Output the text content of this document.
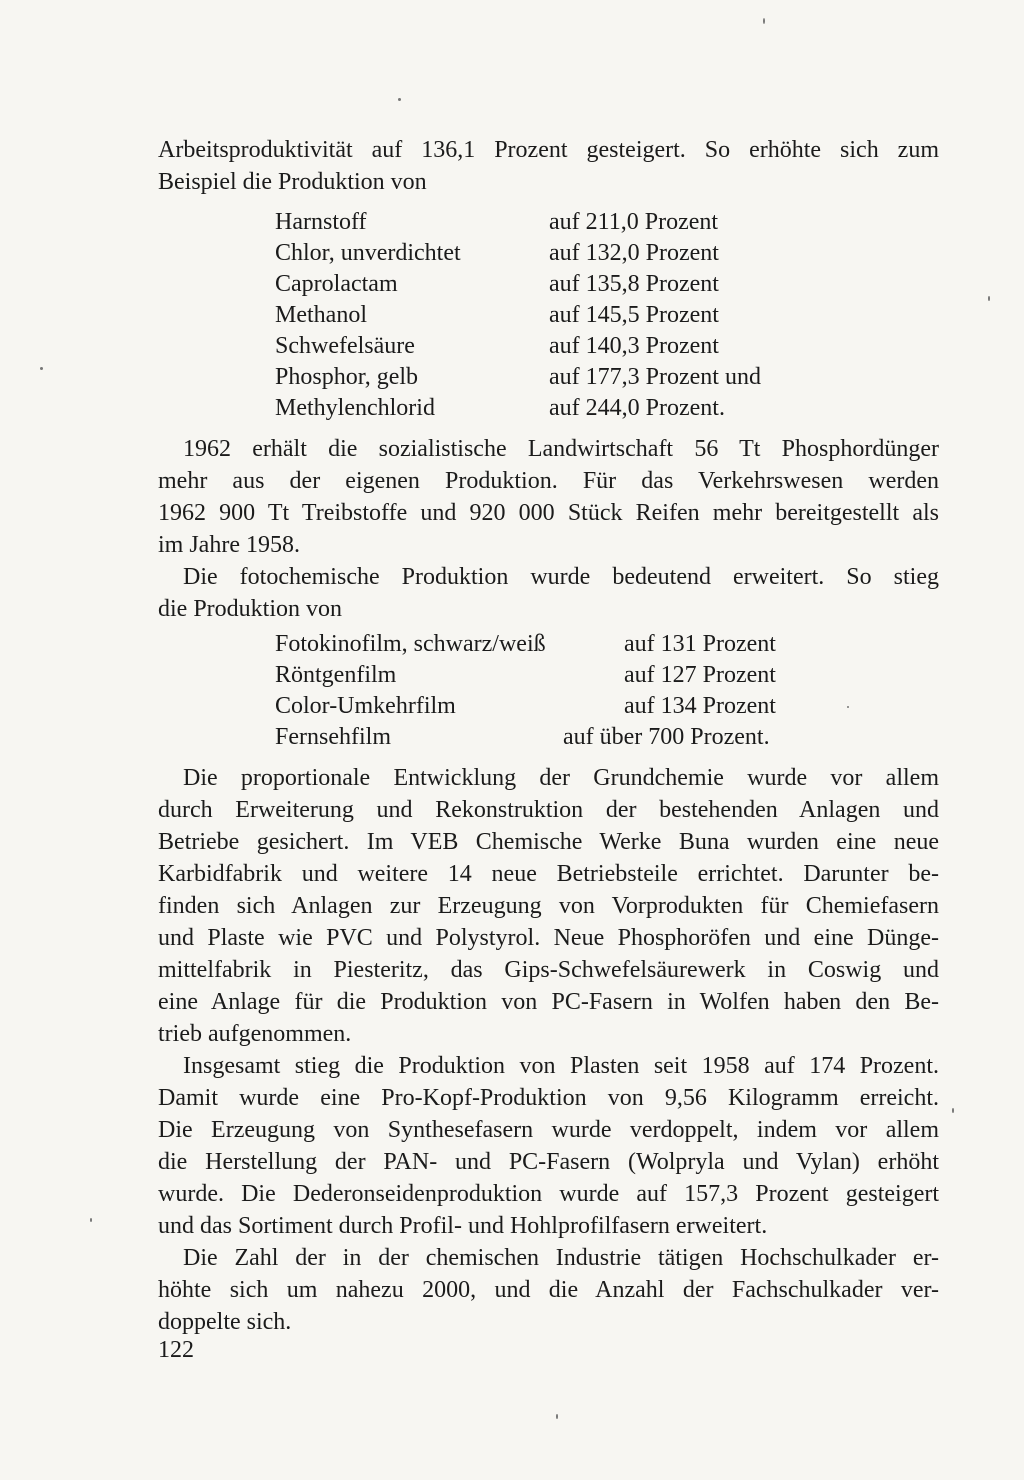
Arbeitsproduktivität auf 136,1 Prozent gesteigert. So erhöhte sich zum
Beispiel die Produktion von
Harnstoff	auf 211,0 Prozent
Chlor, unverdichtet	auf 132,0 Prozent
Caprolactam	auf 135,8 Prozent
Methanol	auf 145,5 Prozent
Schwefelsäure	auf 140,3 Prozent
Phosphor, gelb	auf 177,3 Prozent und
Methylenchlorid	auf 244,0 Prozent.
1962 erhält die sozialistische Landwirtschaft 56 Tt Phosphordünger
mehr aus der eigenen Produktion. Für das Verkehrswesen werden
1962 900 Tt Treibstoffe und 920 000 Stück Reifen mehr bereitgestellt als
im Jahre 1958.
Die fotochemische Produktion wurde bedeutend erweitert. So stieg
die Produktion von
Fotokinofilm, schwarz/weiß	auf 131 Prozent
Röntgenfilm	auf 127 Prozent
Color-Umkehrfilm	auf 134 Prozent
Fernsehfilm	auf über 700 Prozent.
Die proportionale Entwicklung der Grundchemie wurde vor allem
durch Erweiterung und Rekonstruktion der bestehenden Anlagen und
Betriebe gesichert. Im VEB Chemische Werke Buna wurden eine neue
Karbidfabrik und weitere 14 neue Betriebsteile errichtet. Darunter be-
finden sich Anlagen zur Erzeugung von Vorprodukten für Chemiefasern
und Plaste wie PVC und Polystyrol. Neue Phosphoröfen und eine Dünge-
mittelfabrik in Piesteritz, das Gips-Schwefelsäurewerk in Coswig und
eine Anlage für die Produktion von PC-Fasern in Wolfen haben den Be-
trieb aufgenommen.
Insgesamt stieg die Produktion von Plasten seit 1958 auf 174 Prozent.
Damit wurde eine Pro-Kopf-Produktion von 9,56 Kilogramm erreicht.
Die Erzeugung von Synthesefasern wurde verdoppelt, indem vor allem
die Herstellung der PAN- und PC-Fasern (Wolpryla und Vylan) erhöht
wurde. Die Dederonseidenproduktion wurde auf 157,3 Prozent gesteigert
und das Sortiment durch Profil- und Hohlprofilfasern erweitert.
Die Zahl der in der chemischen Industrie tätigen Hochschulkader er-
höhte sich um nahezu 2000, und die Anzahl der Fachschulkader ver-
doppelte sich.
122
